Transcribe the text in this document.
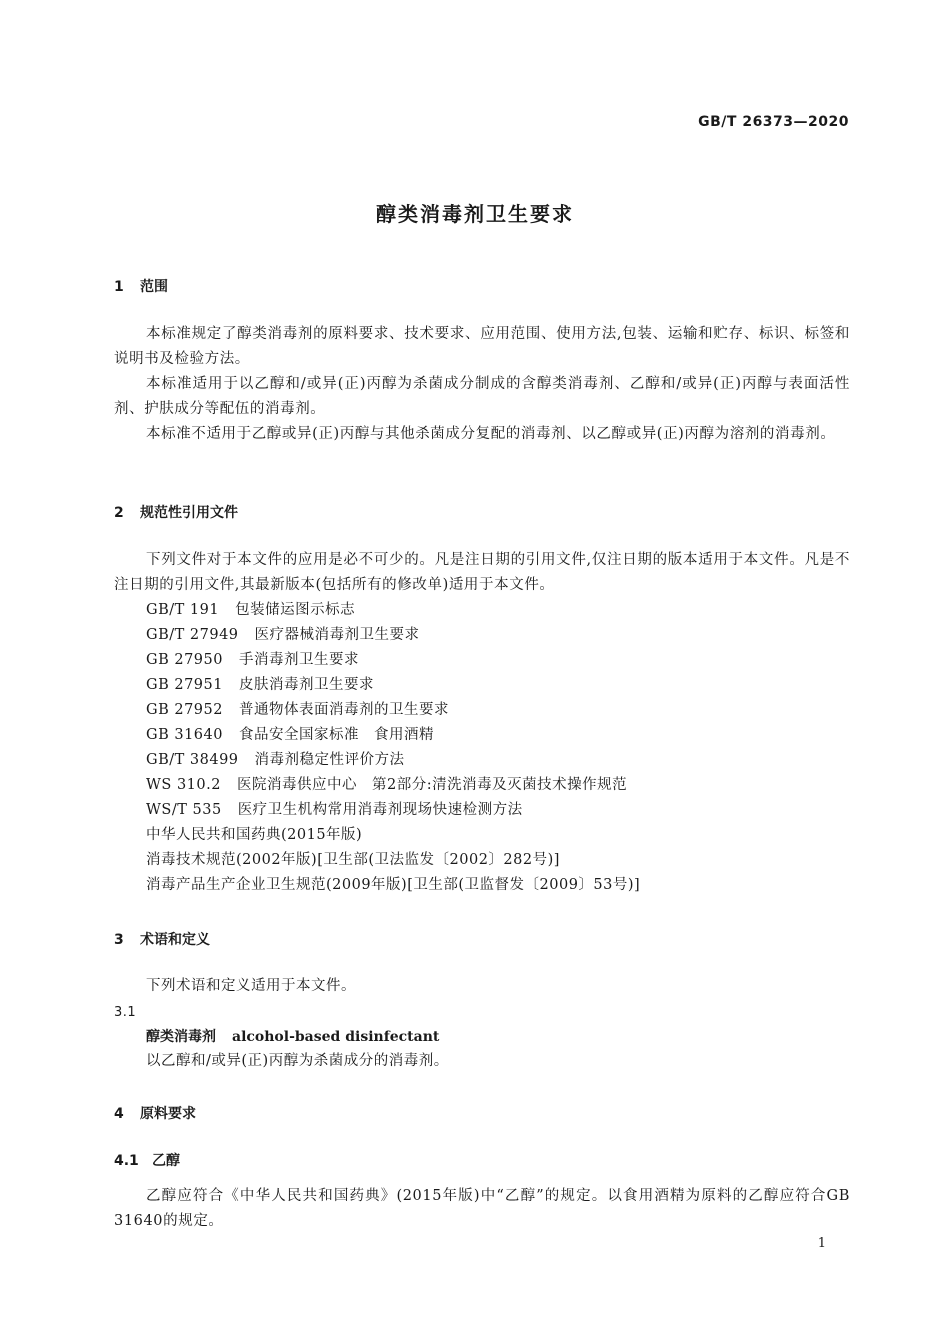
GB/T 26373—2020
醇类消毒剂卫生要求
1 范围
本标准规定了醇类消毒剂的原料要求、技术要求、应用范围、使用方法,包装、运输和贮存、标识、标签和说明书及检验方法。
本标准适用于以乙醇和/或异(正)丙醇为杀菌成分制成的含醇类消毒剂、乙醇和/或异(正)丙醇与表面活性剂、护肤成分等配伍的消毒剂。
本标准不适用于乙醇或异(正)丙醇与其他杀菌成分复配的消毒剂、以乙醇或异(正)丙醇为溶剂的消毒剂。
2 规范性引用文件
下列文件对于本文件的应用是必不可少的。凡是注日期的引用文件,仅注日期的版本适用于本文件。凡是不注日期的引用文件,其最新版本(包括所有的修改单)适用于本文件。
GB/T 191 包装储运图示标志
GB/T 27949 医疗器械消毒剂卫生要求
GB 27950 手消毒剂卫生要求
GB 27951 皮肤消毒剂卫生要求
GB 27952 普通物体表面消毒剂的卫生要求
GB 31640 食品安全国家标准　食用酒精
GB/T 38499 消毒剂稳定性评价方法
WS 310.2 医院消毒供应中心　第2部分:清洗消毒及灭菌技术操作规范
WS/T 535 医疗卫生机构常用消毒剂现场快速检测方法
中华人民共和国药典(2015年版)
消毒技术规范(2002年版)[卫生部(卫法监发〔2002〕282号)]
消毒产品生产企业卫生规范(2009年版)[卫生部(卫监督发〔2009〕53号)]
3 术语和定义
下列术语和定义适用于本文件。
3.1
醇类消毒剂 alcohol-based disinfectant
以乙醇和/或异(正)丙醇为杀菌成分的消毒剂。
4 原料要求
4.1 乙醇
乙醇应符合《中华人民共和国药典》(2015年版)中“乙醇”的规定。以食用酒精为原料的乙醇应符合GB 31640的规定。
1
